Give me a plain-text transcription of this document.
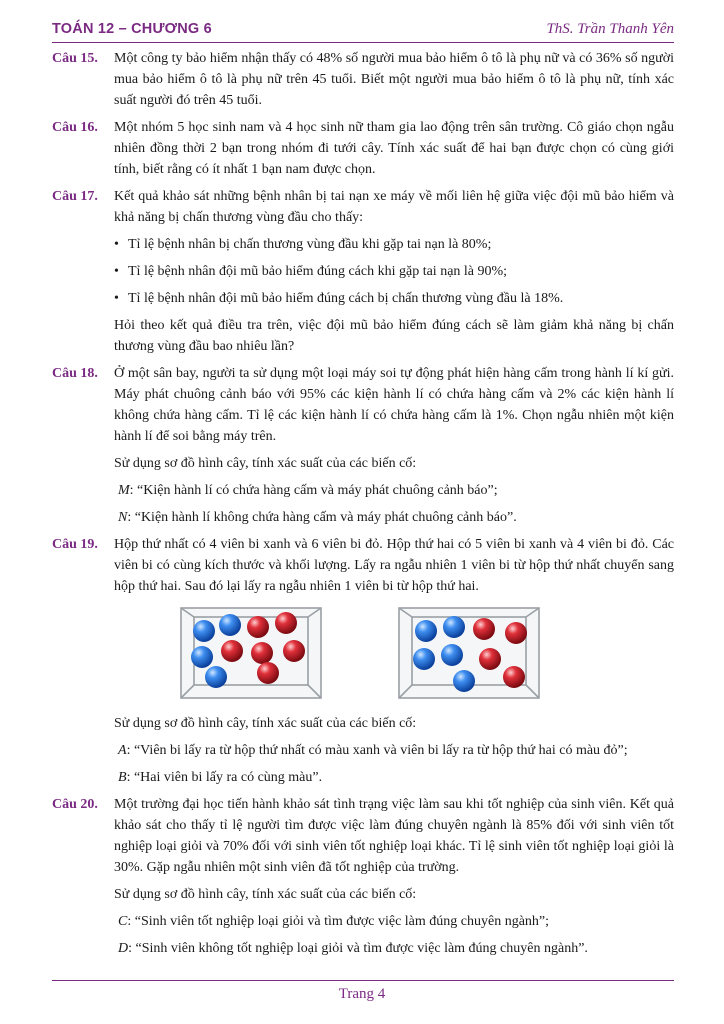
TOÁN 12 – CHƯƠNG 6	ThS. Trần Thanh Yên
Câu 15. Một công ty bảo hiểm nhận thấy có 48% số người mua bảo hiểm ô tô là phụ nữ và có 36% số người mua bảo hiểm ô tô là phụ nữ trên 45 tuổi. Biết một người mua bảo hiểm ô tô là phụ nữ, tính xác suất người đó trên 45 tuổi.

Câu 16. Một nhóm 5 học sinh nam và 4 học sinh nữ tham gia lao động trên sân trường. Cô giáo chọn ngẫu nhiên đồng thời 2 bạn trong nhóm đi tưới cây. Tính xác suất để hai bạn được chọn có cùng giới tính, biết rằng có ít nhất 1 bạn nam được chọn.

Câu 17. Kết quả khảo sát những bệnh nhân bị tai nạn xe máy về mối liên hệ giữa việc đội mũ bảo hiểm và khả năng bị chấn thương vùng đầu cho thấy:

• Tỉ lệ bệnh nhân bị chấn thương vùng đầu khi gặp tai nạn là 80%;
• Tỉ lệ bệnh nhân đội mũ bảo hiểm đúng cách khi gặp tai nạn là 90%;
• Tỉ lệ bệnh nhân đội mũ bảo hiểm đúng cách bị chấn thương vùng đầu là 18%.

Hỏi theo kết quả điều tra trên, việc đội mũ bảo hiểm đúng cách sẽ làm giảm khả năng bị chấn thương vùng đầu bao nhiêu lần?

Câu 18. Ở một sân bay, người ta sử dụng một loại máy soi tự động phát hiện hàng cấm trong hành lí kí gửi. Máy phát chuông cảnh báo với 95% các kiện hành lí có chứa hàng cấm và 2% các kiện hành lí không chứa hàng cấm. Tỉ lệ các kiện hành lí có chứa hàng cấm là 1%. Chọn ngẫu nhiên một kiện hành lí để soi bằng máy trên.

Sử dụng sơ đồ hình cây, tính xác suất của các biến cố:

M: “Kiện hành lí có chứa hàng cấm và máy phát chuông cảnh báo”;
N: “Kiện hành lí không chứa hàng cấm và máy phát chuông cảnh báo”.
Câu 19. Hộp thứ nhất có 4 viên bi xanh và 6 viên bi đỏ. Hộp thứ hai có 5 viên bi xanh và 4 viên bi đỏ. Các viên bi có cùng kích thước và khối lượng. Lấy ra ngẫu nhiên 1 viên bi từ hộp thứ nhất chuyển sang hộp thứ hai. Sau đó lại lấy ra ngẫu nhiên 1 viên bi từ hộp thứ hai.

Sử dụng sơ đồ hình cây, tính xác suất của các biến cố:

A: “Viên bi lấy ra từ hộp thứ nhất có màu xanh và viên bi lấy ra từ hộp thứ hai có màu đỏ”;
B: “Hai viên bi lấy ra có cùng màu”.
Câu 20. Một trường đại học tiến hành khảo sát tình trạng việc làm sau khi tốt nghiệp của sinh viên. Kết quả khảo sát cho thấy tỉ lệ người tìm được việc làm đúng chuyên ngành là 85% đối với sinh viên tốt nghiệp loại giỏi và 70% đối với sinh viên tốt nghiệp loại khác. Tỉ lệ sinh viên tốt nghiệp loại giỏi là 30%. Gặp ngẫu nhiên một sinh viên đã tốt nghiệp của trường.

Sử dụng sơ đồ hình cây, tính xác suất của các biến cố:

C: “Sinh viên tốt nghiệp loại giỏi và tìm được việc làm đúng chuyên ngành”;
D: “Sinh viên không tốt nghiệp loại giỏi và tìm được việc làm đúng chuyên ngành”.
Trang 4
